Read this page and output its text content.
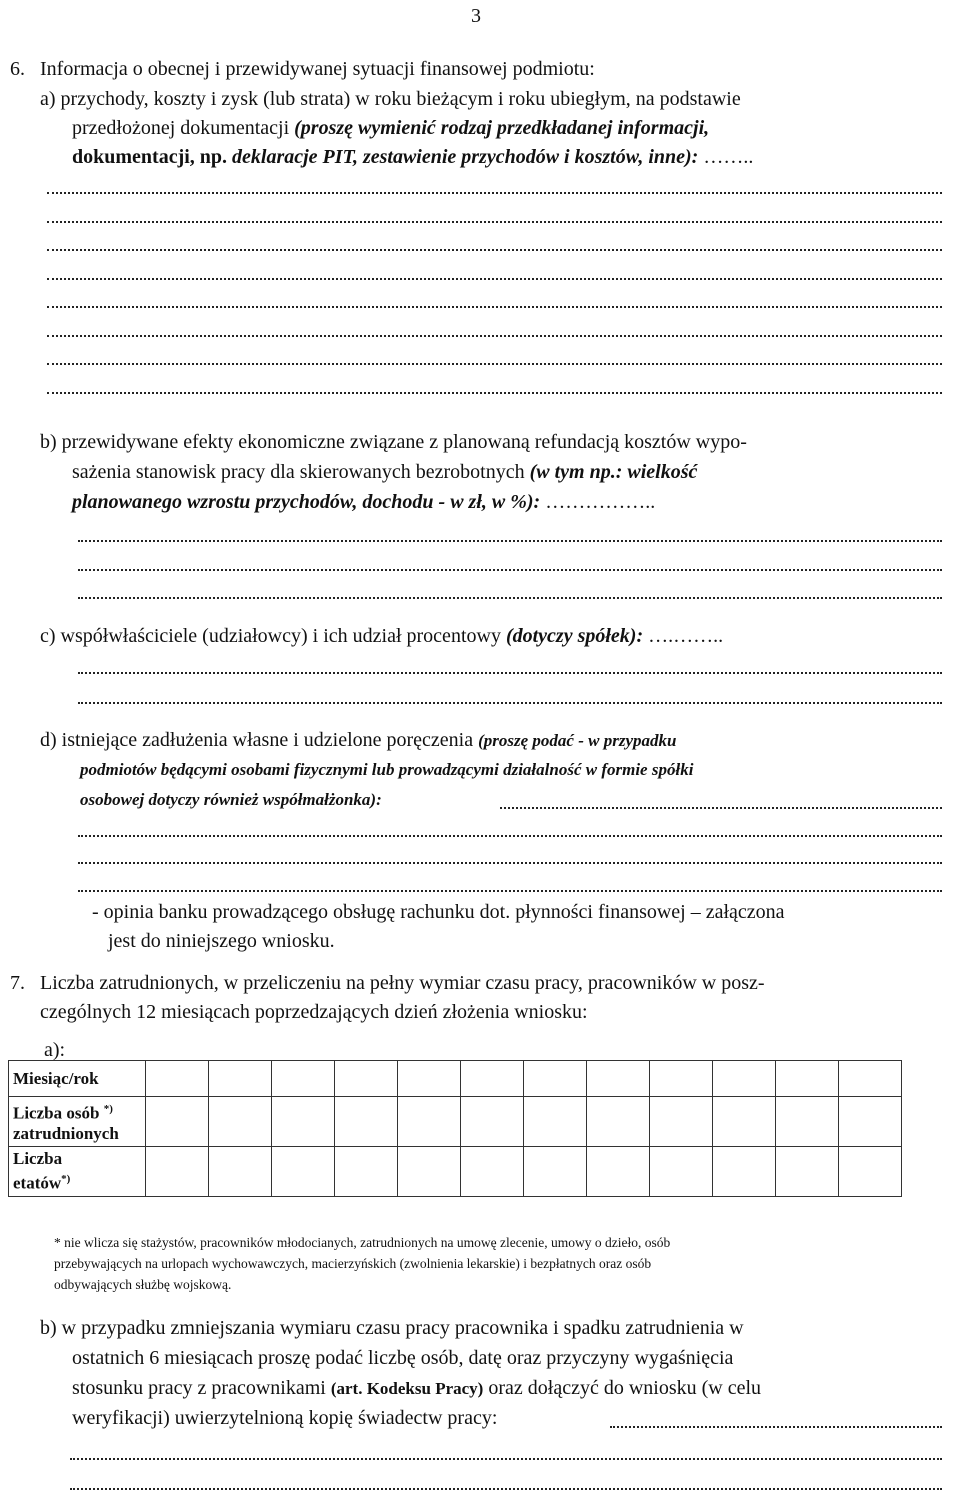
3
6. Informacja o obecnej i przewidywanej sytuacji finansowej podmiotu:
a) przychody, koszty i zysk (lub strata) w roku bieżącym i roku ubiegłym, na podstawie
przedłożonej dokumentacji (proszę wymienić rodzaj przedkładanej informacji,
dokumentacji, np. deklaracje PIT, zestawienie przychodów i kosztów, inne): ……..
b) przewidywane efekty ekonomiczne związane z planowaną refundacją kosztów wypo-
sażenia stanowisk pracy dla skierowanych bezrobotnych (w tym np.: wielkość
planowanego wzrostu przychodów, dochodu - w zł, w %): ……………..
c) współwłaściciele (udziałowcy) i ich udział procentowy (dotyczy spółek): ….……..
d) istniejące zadłużenia własne i udzielone poręczenia (proszę podać - w przypadku
podmiotów będącymi osobami fizycznymi lub prowadzącymi działalność w formie spółki
osobowej dotyczy również współmałżonka):
- opinia banku prowadzącego obsługę rachunku dot. płynności finansowej – załączona
jest do niniejszego wniosku.
7. Liczba zatrudnionych, w przeliczeniu na pełny wymiar czasu pracy, pracowników w posz-
czególnych 12 miesiącach poprzedzających dzień złożenia wniosku:
a):
Miesiąc/rok												
Liczba osób *)
zatrudnionych												
Liczba
etatów*)												
* nie wlicza się stażystów, pracowników młodocianych, zatrudnionych na umowę zlecenie, umowy o dzieło, osób
przebywających na urlopach wychowawczych, macierzyńskich (zwolnienia lekarskie) i bezpłatnych oraz osób
odbywających służbę wojskową.
b) w przypadku zmniejszania wymiaru czasu pracy pracownika i spadku zatrudnienia w
ostatnich 6 miesiącach proszę podać liczbę osób, datę oraz przyczyny wygaśnięcia
stosunku pracy z pracownikami (art. Kodeksu Pracy) oraz dołączyć do wniosku (w celu
weryfikacji) uwierzytelnioną kopię świadectw pracy:
